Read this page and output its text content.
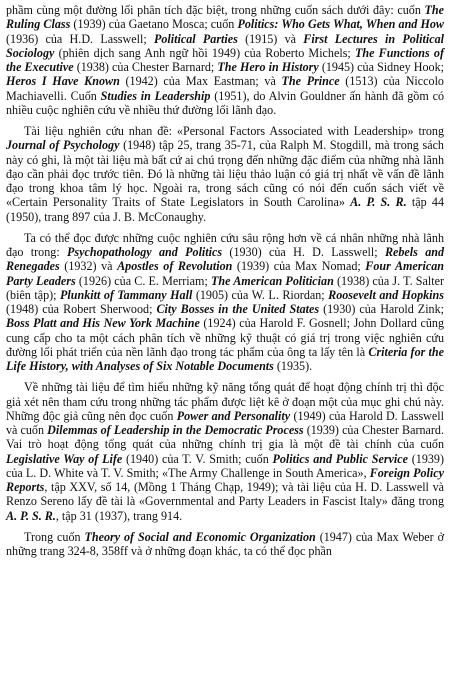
phầm cùng một đường lối phân tích đặc biệt, trong những cuốn sách dưới đây: cuốn The Ruling Class (1939) của Gaetano Mosca; cuốn Politics: Who Gets What, When and How (1936) của H.D. Lasswell; Political Parties (1915) và First Lectures in Political Sociology (phiên dịch sang Anh ngữ hồi 1949) của Roberto Michels; The Functions of the Executive (1938) của Chester Barnard; The Hero in History (1945) của Sidney Hook; Heros I Have Known (1942) của Max Eastman; và The Prince (1513) của Niccolo Machiavelli. Cuốn Studies in Leadership (1951), do Alvin Gouldner ấn hành đã gồm có nhiều cuộc nghiên cứu về nhiều thứ đường lối lãnh đạo.

Tài liệu nghiên cứu nhan đề: «Personal Factors Associated with Leadership» trong Journal of Psychology (1948) tập 25, trang 35-71, của Ralph M. Stogdill, mà trong sách này có ghi, là một tài liệu mà bất cứ ai chú trọng đến những đặc điểm của những nhà lãnh đạo cần phải đọc trước tiên. Đó là những tài liệu thảo luận có giá trị nhất về vấn đề lãnh đạo trong khoa tâm lý học. Ngoài ra, trong sách cũng có nói đến cuốn sách viết về «Certain Personality Traits of State Legislators in South Carolina» A. P. S. R. tập 44 (1950), trang 897 của J. B. McConaughy.

Ta có thể đọc được những cuộc nghiên cứu sâu rộng hơn về cá nhân những nhà lãnh đạo trong: Psychopathology and Politics (1930) của H. D. Lasswell; Rebels and Renegades (1932) và Apostles of Revolution (1939) của Max Nomad; Four American Party Leaders (1926) của C. E. Merriam; The American Politician (1938) của J. T. Salter (biên tập); Plunkitt of Tammany Hall (1905) của W. L. Riordan; Roosevelt and Hopkins (1948) của Robert Sherwood; City Bosses in the United States (1930) của Harold Zink; Boss Platt and His New York Machine (1924) của Harold F. Gosnell; John Dollard cũng cung cấp cho ta một cách phân tích về những kỹ thuật có giá trị trong việc nghiên cứu đường lối phát triển của nền lãnh đạo trong tác phẩm của ông ta lấy tên là Criteria for the Life History, with Analyses of Six Notable Documents (1935).

Về những tài liệu để tìm hiểu những kỹ năng tổng quát để hoạt động chính trị thì độc giả xét nên tham cứu trong những tác phẩm được liệt kê ở đoạn một của mục ghi chú này. Những độc giả cũng nên đọc cuốn Power and Personality (1949) của Harold D. Lasswell và cuốn Dilemmas of Leadership in the Democratic Process (1939) của Chester Barnard. Vai trò hoạt động tổng quát của những chính trị gia là một đề tài chính của cuốn Legislative Way of Life (1940) của T. V. Smith; cuốn Politics and Public Service (1939) của L. D. White và T. V. Smith; «The Army Challenge in South America», Foreign Policy Reports, tập XXV, số 14, (Mồng 1 Tháng Chạp, 1949); và tài liệu của H. D. Lasswell và Renzo Sereno lấy đề tài là «Governmental and Party Leaders in Fascist Italy» đăng trong A. P. S. R., tập 31 (1937), trang 914.

Trong cuốn Theory of Social and Economic Organization (1947) của Max Weber ở những trang 324-8, 358ff và ở những đoạn khác, ta có thể đọc phần
